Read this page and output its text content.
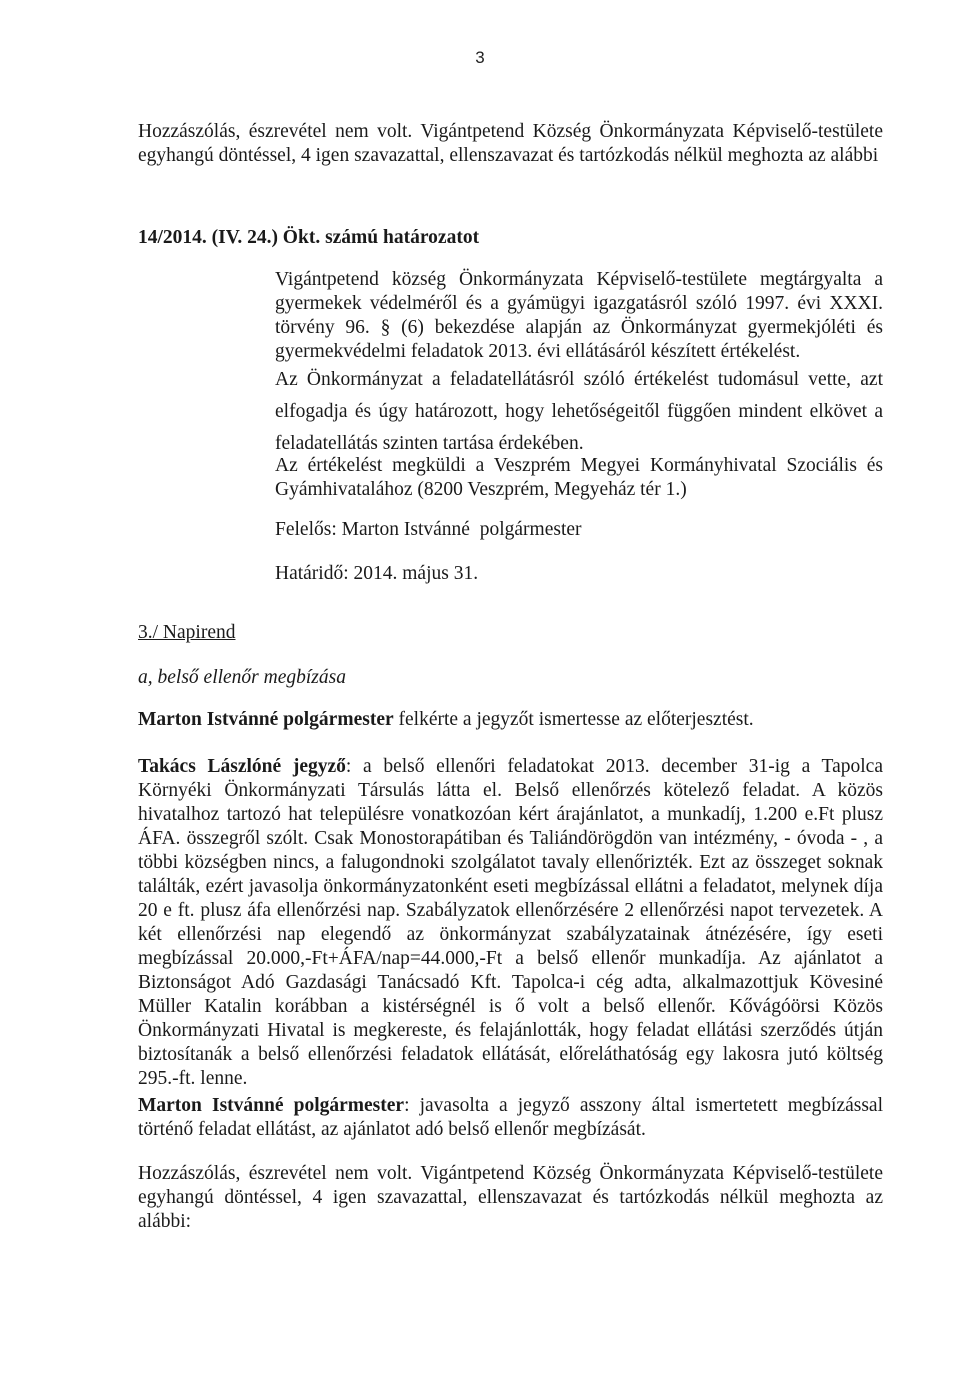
3

Hozzászólás, észrevétel nem volt. Vigántpetend Község Önkormányzata Képviselő-testülete egyhangú döntéssel, 4 igen szavazattal, ellenszavazat és tartózkodás nélkül meghozta az alábbi

14/2014. (IV. 24.) Ökt. számú határozatot

Vigántpetend község Önkormányzata Képviselő-testülete megtárgyalta a gyermekek védelméről és a gyámügyi igazgatásról szóló 1997. évi XXXI. törvény 96. § (6) bekezdése alapján az Önkormányzat gyermekjóléti és gyermekvédelmi feladatok 2013. évi ellátásáról készített értékelést.

Az Önkormányzat a feladatellátásról szóló értékelést tudomásul vette, azt elfogadja és úgy határozott, hogy lehetőségeitől függően mindent elkövet a feladatellátás szinten tartása érdekében.

Az értékelést megküldi a Veszprém Megyei Kormányhivatal Szociális és Gyámhivatalához (8200 Veszprém, Megyeház tér 1.)

Felelős: Marton Istvánné  polgármester
Határidő: 2014. május 31.
3./ Napirend
a, belső ellenőr megbízása

Marton Istvánné polgármester felkérte a jegyzőt ismertesse az előterjesztést.

Takács Lászlóné jegyző: a belső ellenőri feladatokat 2013. december 31-ig a Tapolca Környéki Önkormányzati Társulás látta el. Belső ellenőrzés kötelező feladat. A közös hivatalhoz tartozó hat településre vonatkozóan kért árajánlatot, a munkadíj, 1.200 e.Ft plusz ÁFA. összegről szólt. Csak Monostorapátiban és Taliándörögdön van intézmény, - óvoda - , a többi községben nincs, a falugondnoki szolgálatot tavaly ellenőrizték. Ezt az összeget soknak találták, ezért javasolja önkormányzatonként eseti megbízással ellátni a feladatot, melynek díja 20 e ft. plusz áfa ellenőrzési nap. Szabályzatok ellenőrzésére 2 ellenőrzési napot tervezetek. A két ellenőrzési nap elegendő az önkormányzat szabályzatainak átnézésére, így eseti megbízással 20.000,-Ft+ÁFA/nap=44.000,-Ft a belső ellenőr munkadíja. Az ajánlatot a Biztonságot Adó Gazdasági Tanácsadó Kft. Tapolca-i cég adta, alkalmazottjuk Kövesiné Müller Katalin korábban a kistérségnél is ő volt a belső ellenőr. Kővágóörsi Közös Önkormányzati Hivatal is megkereste, és felajánlották, hogy feladat ellátási szerződés útján biztosítanák a belső ellenőrzési feladatok ellátását, előreláthatóság egy lakosra jutó költség 295.-ft. lenne.

Marton Istvánné polgármester: javasolta a jegyző asszony által ismertetett megbízással történő feladat ellátást, az ajánlatot adó belső ellenőr megbízását.

Hozzászólás, észrevétel nem volt. Vigántpetend Község Önkormányzata Képviselő-testülete egyhangú döntéssel, 4 igen szavazattal, ellenszavazat és tartózkodás nélkül meghozta az alábbi:
